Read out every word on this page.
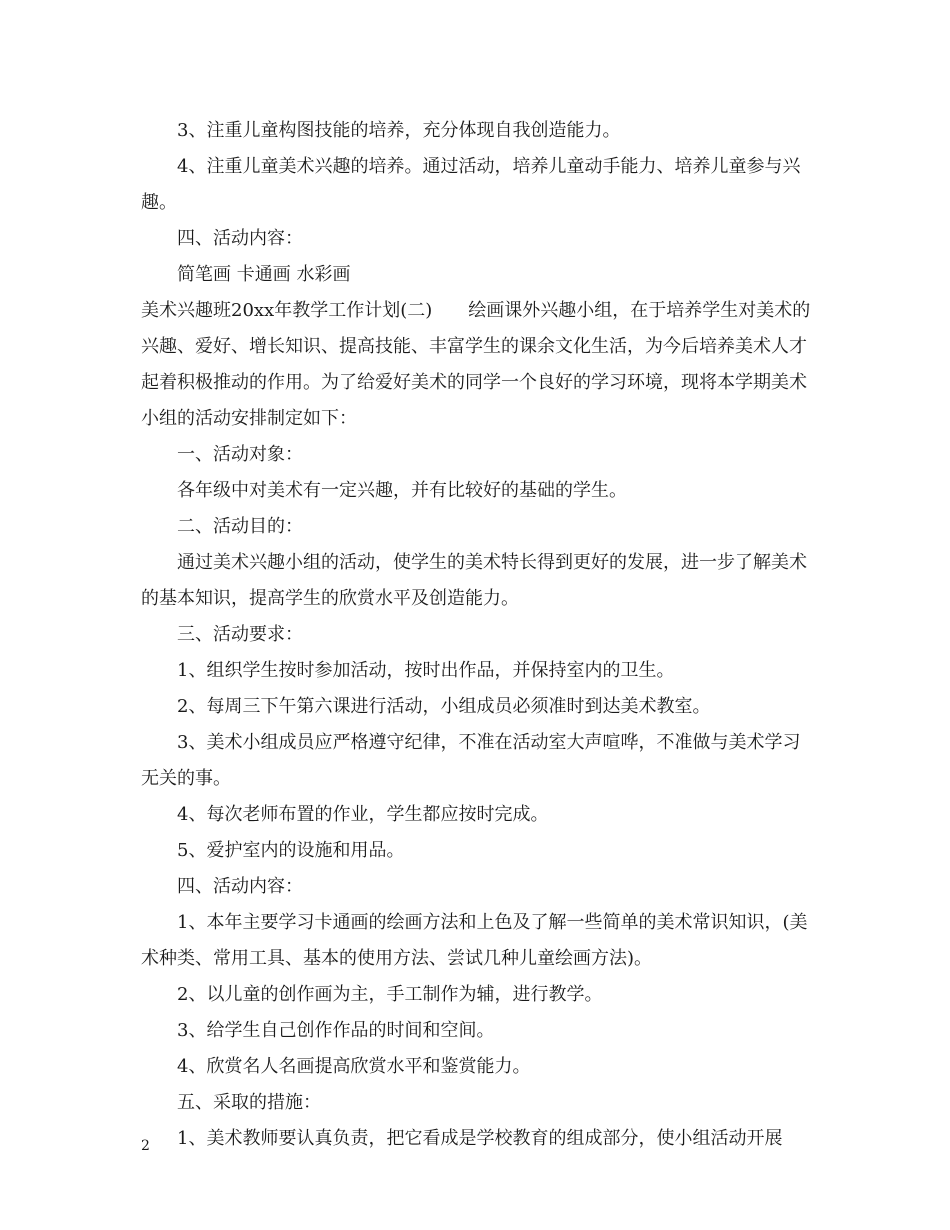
3、注重儿童构图技能的培养，充分体现自我创造能力。

4、注重儿童美术兴趣的培养。通过活动，培养儿童动手能力、培养儿童参与兴趣。

四、活动内容：

简笔画 卡通画 水彩画

美术兴趣班20xx年教学工作计划(二) 绘画课外兴趣小组，在于培养学生对美术的兴趣、爱好、增长知识、提高技能、丰富学生的课余文化生活，为今后培养美术人才起着积极推动的作用。为了给爱好美术的同学一个良好的学习环境，现将本学期美术小组的活动安排制定如下：

一、活动对象：

各年级中对美术有一定兴趣，并有比较好的基础的学生。

二、活动目的：

通过美术兴趣小组的活动，使学生的美术特长得到更好的发展，进一步了解美术的基本知识，提高学生的欣赏水平及创造能力。

三、活动要求：

1、组织学生按时参加活动，按时出作品，并保持室内的卫生。

2、每周三下午第六课进行活动，小组成员必须准时到达美术教室。

3、美术小组成员应严格遵守纪律，不准在活动室大声喧哗，不准做与美术学习无关的事。

4、每次老师布置的作业，学生都应按时完成。

5、爱护室内的设施和用品。

四、活动内容：

1、本年主要学习卡通画的绘画方法和上色及了解一些简单的美术常识知识，(美术种类、常用工具、基本的使用方法、尝试几种儿童绘画方法)。

2、以儿童的创作画为主，手工制作为辅，进行教学。

3、给学生自己创作作品的时间和空间。

4、欣赏名人名画提高欣赏水平和鉴赏能力。

五、采取的措施：

1、美术教师要认真负责，把它看成是学校教育的组成部分，使小组活动开展

2
